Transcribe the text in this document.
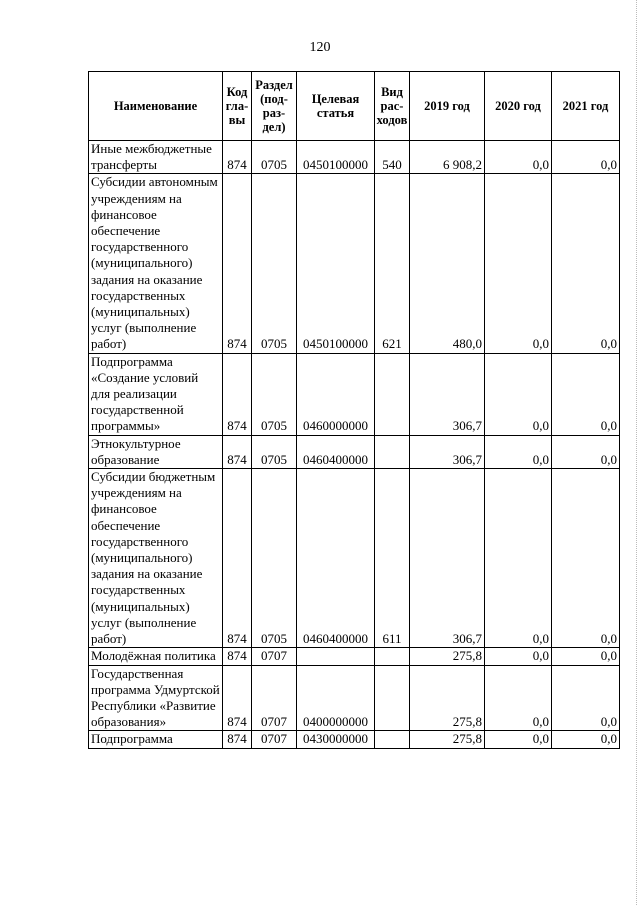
120
Наименование	Код гла-вы	Раздел (под-раз-дел)	Целевая статья	Вид рас-ходов	2019 год	2020 год	2021 год
Иные межбюджетные трансферты	874	0705	0450100000	540	6 908,2	0,0	0,0
Субсидии автономным учреждениям на финансовое обеспечение государственного (муниципального) задания на оказание государственных (муниципальных) услуг (выполнение работ)	874	0705	0450100000	621	480,0	0,0	0,0
Подпрограмма «Создание условий для реализации государственной программы»	874	0705	0460000000		306,7	0,0	0,0
Этнокультурное образование	874	0705	0460400000		306,7	0,0	0,0
Субсидии бюджетным учреждениям на финансовое обеспечение государственного (муниципального) задания на оказание государственных (муниципальных) услуг (выполнение работ)	874	0705	0460400000	611	306,7	0,0	0,0
Молодёжная политика	874	0707			275,8	0,0	0,0
Государственная программа Удмуртской Республики «Развитие образования»	874	0707	0400000000		275,8	0,0	0,0
Подпрограмма	874	0707	0430000000		275,8	0,0	0,0
